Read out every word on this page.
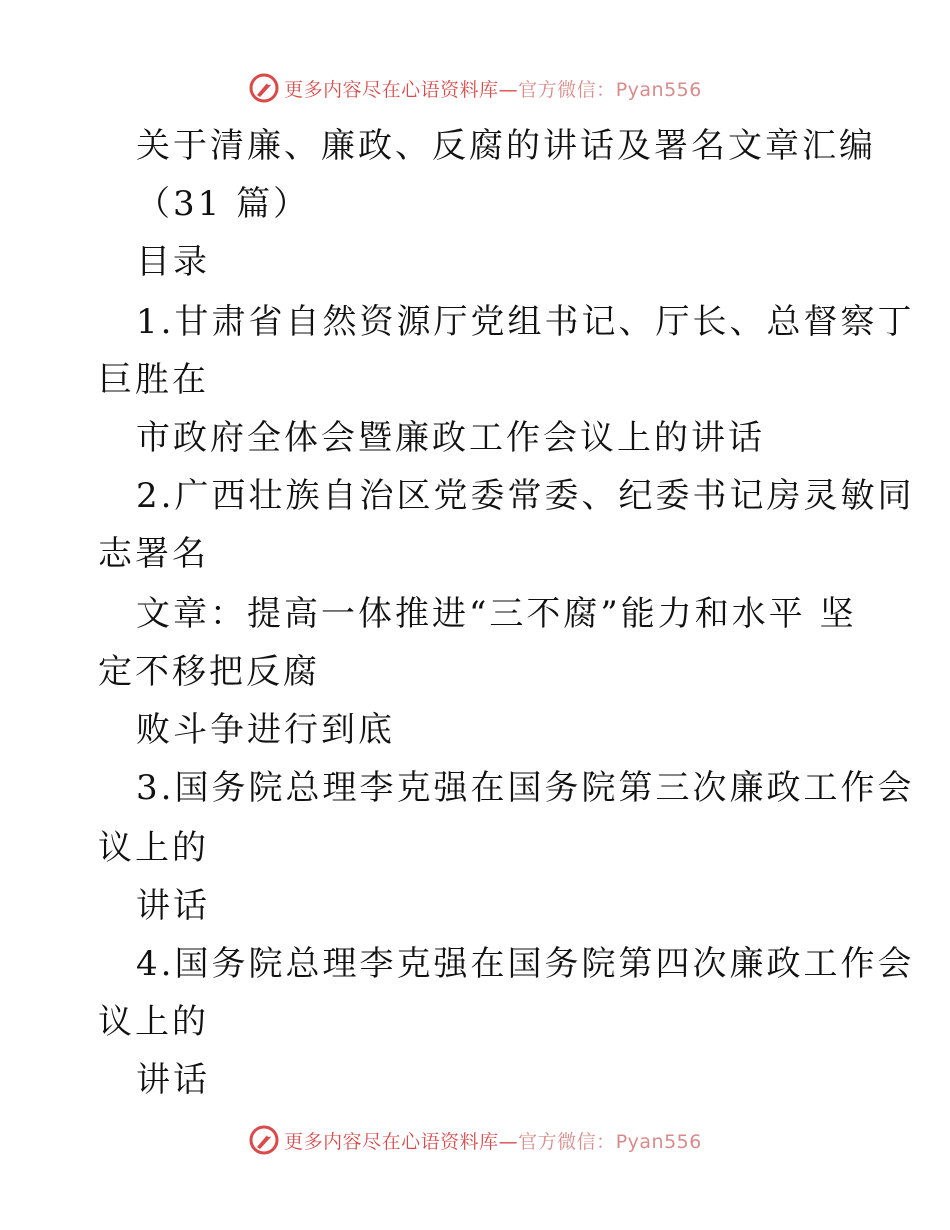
更多内容尽在心语资料库—官方微信：Pyan556
关于清廉、廉政、反腐的讲话及署名文章汇编
（31 篇）
目录
1.甘肃省自然资源厅党组书记、厅长、总督察丁
巨胜在
市政府全体会暨廉政工作会议上的讲话
2.广西壮族自治区党委常委、纪委书记房灵敏同
志署名
文章：提高一体推进“三不腐”能力和水平 坚
定不移把反腐
败斗争进行到底
3.国务院总理李克强在国务院第三次廉政工作会
议上的
讲话
4.国务院总理李克强在国务院第四次廉政工作会
议上的
讲话
更多内容尽在心语资料库—官方微信：Pyan556
